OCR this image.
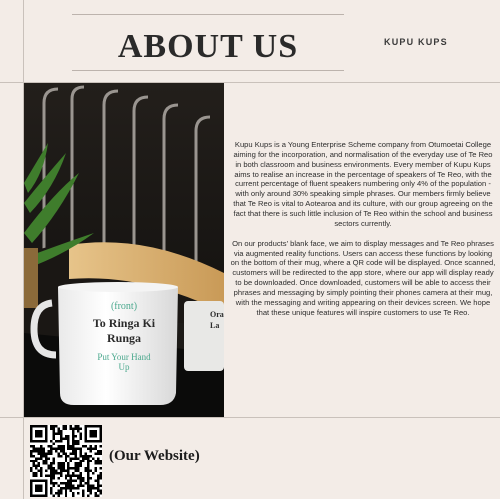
ABOUT US	KUPU KUPS
(front)
To Ringa Ki
Runga
Put Your Hand
Up
Ora
La

Kupu Kups is a Young Enterprise Scheme company from Otumoetai College aiming for the incorporation, and normalisation of the everyday use of Te Reo in both classroom and business environments. Every member of Kupu Kups aims to realise an increase in the percentage of speakers of Te Reo, with the current percentage of fluent speakers numbering only 4% of the population - with only around 30% speaking simple phrases. Our members firmly believe that Te Reo is vital to Aotearoa and its culture, with our group agreeing on the fact that there is such little inclusion of Te Reo within the school and business sectors currently.

On our products' blank face, we aim to display messages and Te Reo phrases via augmented reality functions. Users can access these functions by looking on the bottom of their mug, where a QR code will be displayed. Once scanned, customers will be redirected to the app store, where our app will display ready to be downloaded. Once downloaded, customers will be able to access their phrases and messaging by simply pointing their phones camera at their mug, with the messaging and writing appearing on their devices screen. We hope that these unique features will inspire customers to use Te Reo.

(Our Website)
